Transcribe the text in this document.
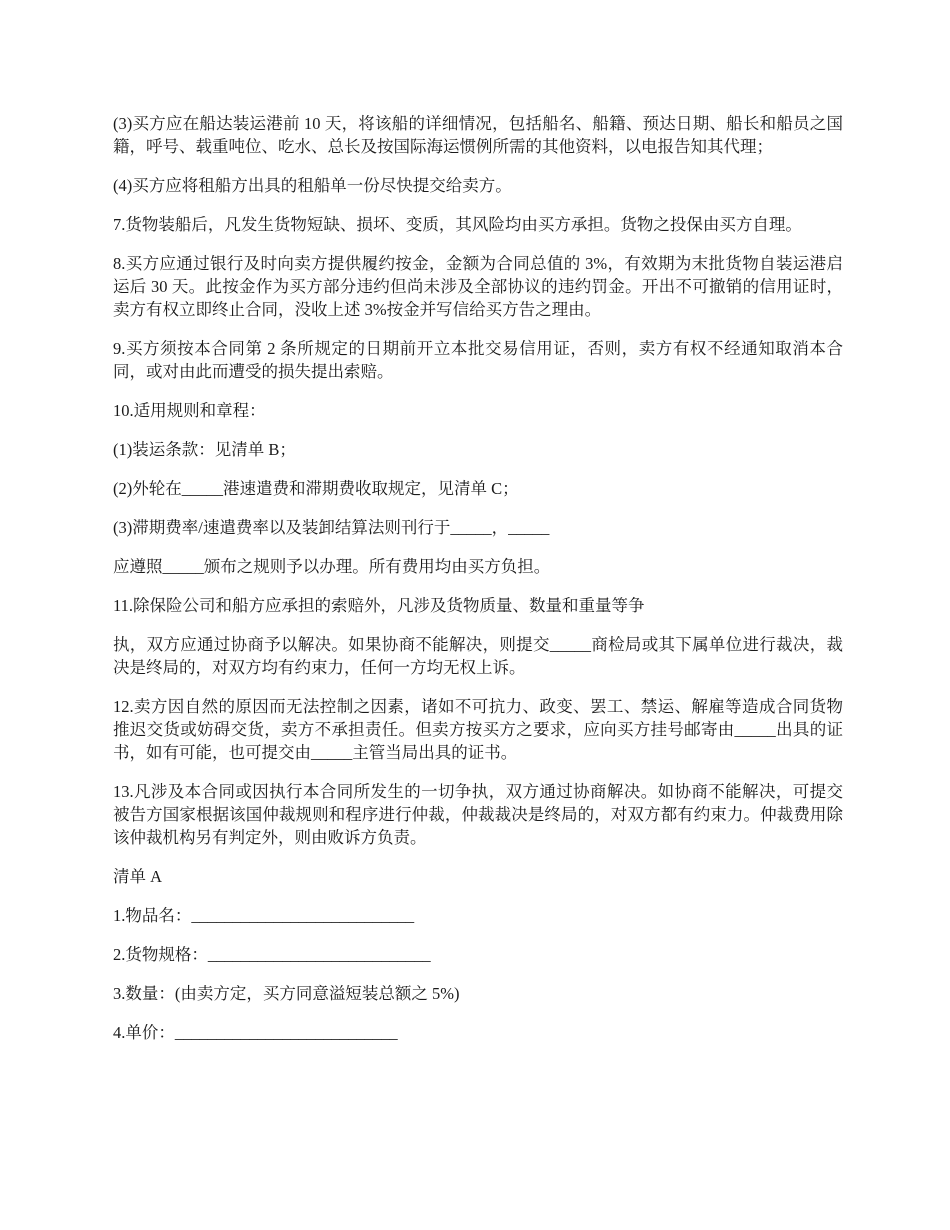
(3)买方应在船达装运港前 10 天，将该船的详细情况，包括船名、船籍、预达日期、船长和船员之国籍，呼号、载重吨位、吃水、总长及按国际海运惯例所需的其他资料，以电报告知其代理；

(4)买方应将租船方出具的租船单一份尽快提交给卖方。

7.货物装船后，凡发生货物短缺、损坏、变质，其风险均由买方承担。货物之投保由买方自理。

8.买方应通过银行及时向卖方提供履约按金，金额为合同总值的 3%，有效期为末批货物自装运港启运后 30 天。此按金作为买方部分违约但尚未涉及全部协议的违约罚金。开出不可撤销的信用证时，卖方有权立即终止合同，没收上述 3%按金并写信给买方告之理由。

9.买方须按本合同第 2 条所规定的日期前开立本批交易信用证，否则，卖方有权不经通知取消本合同，或对由此而遭受的损失提出索赔。

10.适用规则和章程：

(1)装运条款：见清单 B；

(2)外轮在_____港速遣费和滞期费收取规定，见清单 C；

(3)滞期费率/速遣费率以及装卸结算法则刊行于_____，_____

应遵照_____颁布之规则予以办理。所有费用均由买方负担。

11.除保险公司和船方应承担的索赔外，凡涉及货物质量、数量和重量等争

执，双方应通过协商予以解决。如果协商不能解决，则提交_____商检局或其下属单位进行裁决，裁决是终局的，对双方均有约束力，任何一方均无权上诉。

12.卖方因自然的原因而无法控制之因素，诸如不可抗力、政变、罢工、禁运、解雇等造成合同货物推迟交货或妨碍交货，卖方不承担责任。但卖方按买方之要求，应向买方挂号邮寄由_____出具的证书，如有可能，也可提交由_____主管当局出具的证书。

13.凡涉及本合同或因执行本合同所发生的一切争执，双方通过协商解决。如协商不能解决，可提交被告方国家根据该国仲裁规则和程序进行仲裁，仲裁裁决是终局的，对双方都有约束力。仲裁费用除该仲裁机构另有判定外，则由败诉方负责。

清单 A

1.物品名：___________________________

2.货物规格：___________________________

3.数量：(由卖方定，买方同意溢短装总额之 5%)

4.单价：___________________________
